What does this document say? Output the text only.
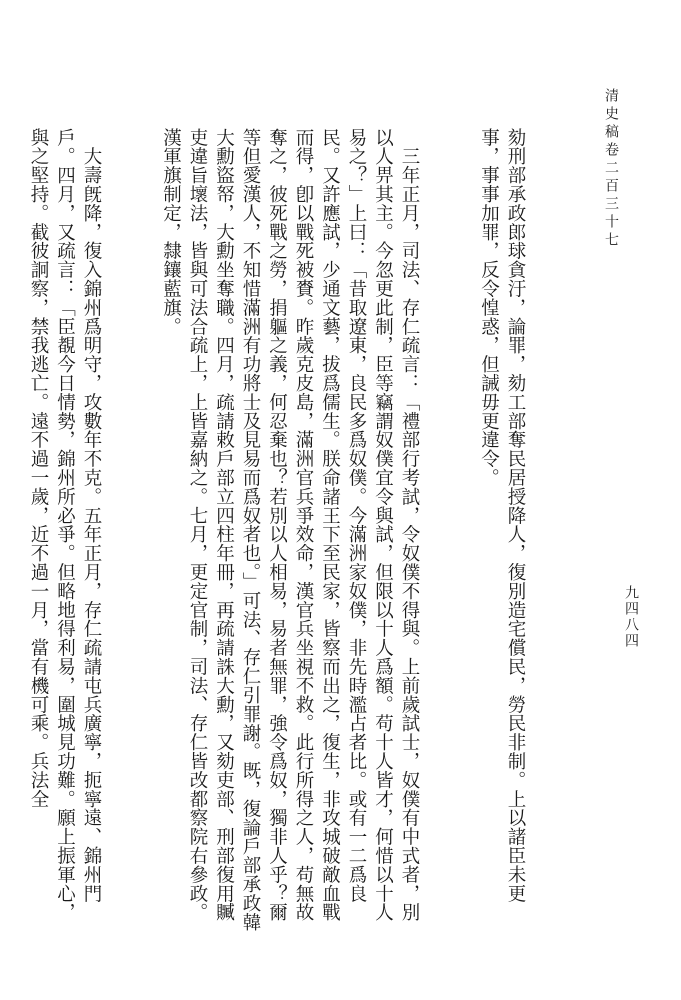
清史稿卷二百三十七
九四八四

劾刑部承政郎球貪汙，論罪，劾工部奪民居授降人，復別造宅償民，勞民非制。上以諸臣未更事，事事加罪，反令惶惑，但誡毋更違令。

　三年正月，司法、存仁疏言：「禮部行考試，令奴僕不得與。上前歲試士，奴僕有中式者，別以人畀其主。今忽更此制，臣等竊謂奴僕宜令與試，但限以十人爲額。苟十人皆才，何惜以十人易之？」上曰：「昔取遼東，良民多爲奴僕。今滿洲家奴僕，非先時濫占者比。或有一二爲良民。又許應試，少通文藝，拔爲儒生。朕命諸王下至民家，皆察而出之，復生，非攻城破敵血戰而得，卽以戰死被賚。昨歲克皮島，滿洲官兵爭效命，漢官兵坐視不救。此行所得之人，苟無故奪之，彼死戰之勞，捐軀之義，何忍棄也？若別以人相易，易者無罪，強令爲奴，獨非人乎？爾等但愛漢人，不知惜滿洲有功將士及見易而爲奴者也。」可法、存仁引罪謝。既，復論戶部承政韓大勳盜帑，大勳坐奪職。四月，疏請敕戶部立四柱年冊，再疏請誅大勳，又劾吏部、刑部復用贓吏違旨壞法，皆與可法合疏上，上皆嘉納之。七月，更定官制，司法、存仁皆改都察院右參政。漢軍旗制定，隸鑲藍旗。

　大壽旣降，復入錦州爲明守，攻數年不克。五年正月，存仁疏請屯兵廣寧，扼寧遠、錦州門戶。四月，又疏言：「臣覩今日情勢，錦州所必爭。但略地得利易，圍城見功難。願上振軍心，與之堅持。截彼詗察，禁我逃亡。遠不過一歲，近不過一月，當有機可乘。兵法全
